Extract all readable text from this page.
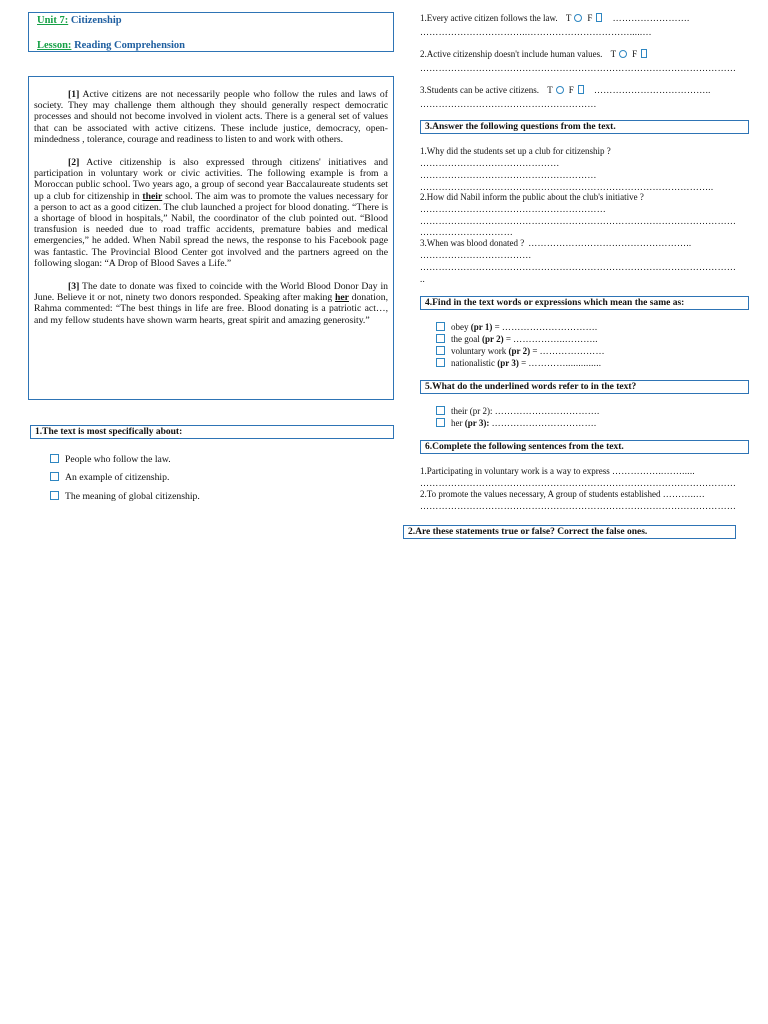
Unit 7: Citizenship
Lesson: Reading Comprehension

[1] Active citizens are not necessarily people who follow the rules and laws of society. They may challenge them although they should generally respect democratic processes and should not become involved in violent acts. There is a general set of values that can be associated with active citizens. These include justice, democracy, open-mindedness , tolerance, courage and readiness to listen to and work with others.

[2] Active citizenship is also expressed through citizens' initiatives and participation in voluntary work or civic activities. The following example is from a Moroccan public school. Two years ago, a group of second year Baccalaureate students set up a club for citizenship in their school. The aim was to promote the values necessary for a person to act as a good citizen. The club launched a project for blood donating. “There is a shortage of blood in hospitals,” Nabil, the coordinator of the club pointed out. “Blood transfusion is needed due to road traffic accidents, premature babies and medical emergencies,” he added. When Nabil spread the news, the response to his Facebook page was fantastic. The Provincial Blood Center got involved and the partners agreed on the following slogan: “A Drop of Blood Saves a Life.”

[3] The date to donate was fixed to coincide with the World Blood Donor Day in June. Believe it or not, ninety two donors responded. Speaking after making her donation, Rahma commented: “The best things in life are free. Blood donating is a patriotic act…, and my fellow students have shown warm hearts, great spirit and amazing generosity.”

1.The text is most specifically about:
People who follow the law.
An example of citizenship.
The meaning of global citizenship.
1.Every active citizen follows the law. T F …………………….
……………………………..…………………………….....…
2.Active citizenship doesn't include human values. T F
…………………………………………………………………………………………
3.Students can be active citizens. T F ………………………………..
…………………………………………………
3.Answer the following questions from the text.
1.Why did the students set up a club for citizenship ?
………………………………………
…………………………………………………
…………………………………………………………………………………..
2.How did Nabil inform the public about the club's initiative ?
……………………………………………………
…………………………………………………………………………………………
…………………………
3.When was blood donated ? ……………………………………………..
………………………………
…………………………………………………………………………………………
..
4.Find in the text words or expressions which mean the same as:
obey (pr 1) = ………………………….
the goal (pr 2) = ……………..………..
voluntary work (pr 2) = …………………
nationalistic (pr 3) = …………..............
5.What do the underlined words refer to in the text?
their (pr 2): …………………………….
her (pr 3): …………………………….
6.Complete the following sentences from the text.
1.Participating in voluntary work is a way to express ……………..…….....
…………………………………………………………………………………………
2.To promote the values necessary, A group of students established ………..…
…………………………………………………………………………………………
2.Are these statements true or false? Correct the false ones.
